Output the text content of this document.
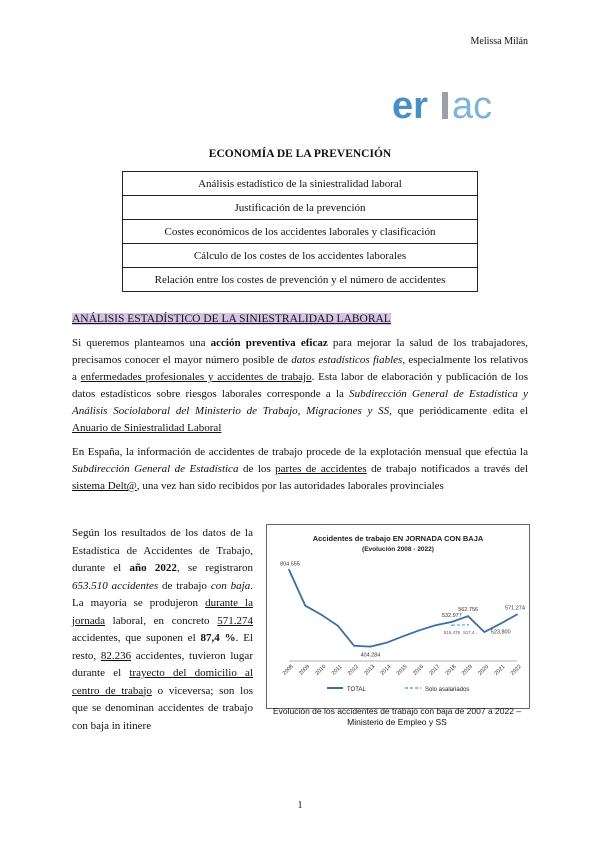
Melissa Milán
er ac
ECONOMÍA DE LA PREVENCIÓN
Análisis estadístico de la siniestralidad laboral
Justificación de la prevención
Costes económicos de los accidentes laborales y clasificación
Cálculo de los costes de los accidentes laborales
Relación entre los costes de prevención y el número de accidentes
ANÁLISIS ESTADÍSTICO DE LA SINIESTRALIDAD LABORAL
Si queremos planteamos una acción preventiva eficaz para mejorar la salud de los trabajadores, precisamos conocer el mayor número posible de datos estadísticos fiables, especialmente los relativos a enfermedades profesionales y accidentes de trabajo. Esta labor de elaboración y publicación de los datos estadísticos sobre riesgos laborales corresponde a la Subdirección General de Estadística y Análisis Sociolaboral del Ministerio de Trabajo, Migraciones y SS, que periódicamente edita el Anuario de Siniestralidad Laboral
En España, la información de accidentes de trabajo procede de la explotación mensual que efectúa la Subdirección General de Estadística de los partes de accidentes de trabajo notificados a través del sistema Delt@, una vez han sido recibidos por las autoridades laborales provinciales
Según los resultados de los datos de la Estadística de Accidentes de Trabajo, durante el año 2022, se registraron 653.510 accidentes de trabajo con baja. La mayoría se produjeron durante la jornada laboral, en concreto 571.274 accidentes, que suponen el 87,4 %. El resto, 82.236 accidentes, tuvieron lugar durante el trayecto del domicilio al centro de trabajo o viceversa; son los que se denominan accidentes de trabajo con baja in itinere
Accidentes de trabajo EN JORNADA CON BAJA
(Evolución 2008 - 2022)
2008 2009 2010 2011 2012 2013 2014 2015 2016 2017 2018 2019 2020 2021 2022
804.555
404.284
532.977
562.756
523.800
571.274
515.476 517.4..
TOTAL	Solo asalariados
Evolución de los accidentes de trabajo con baja de 2007 a 2022 – Ministerio de Empleo y SS
1
